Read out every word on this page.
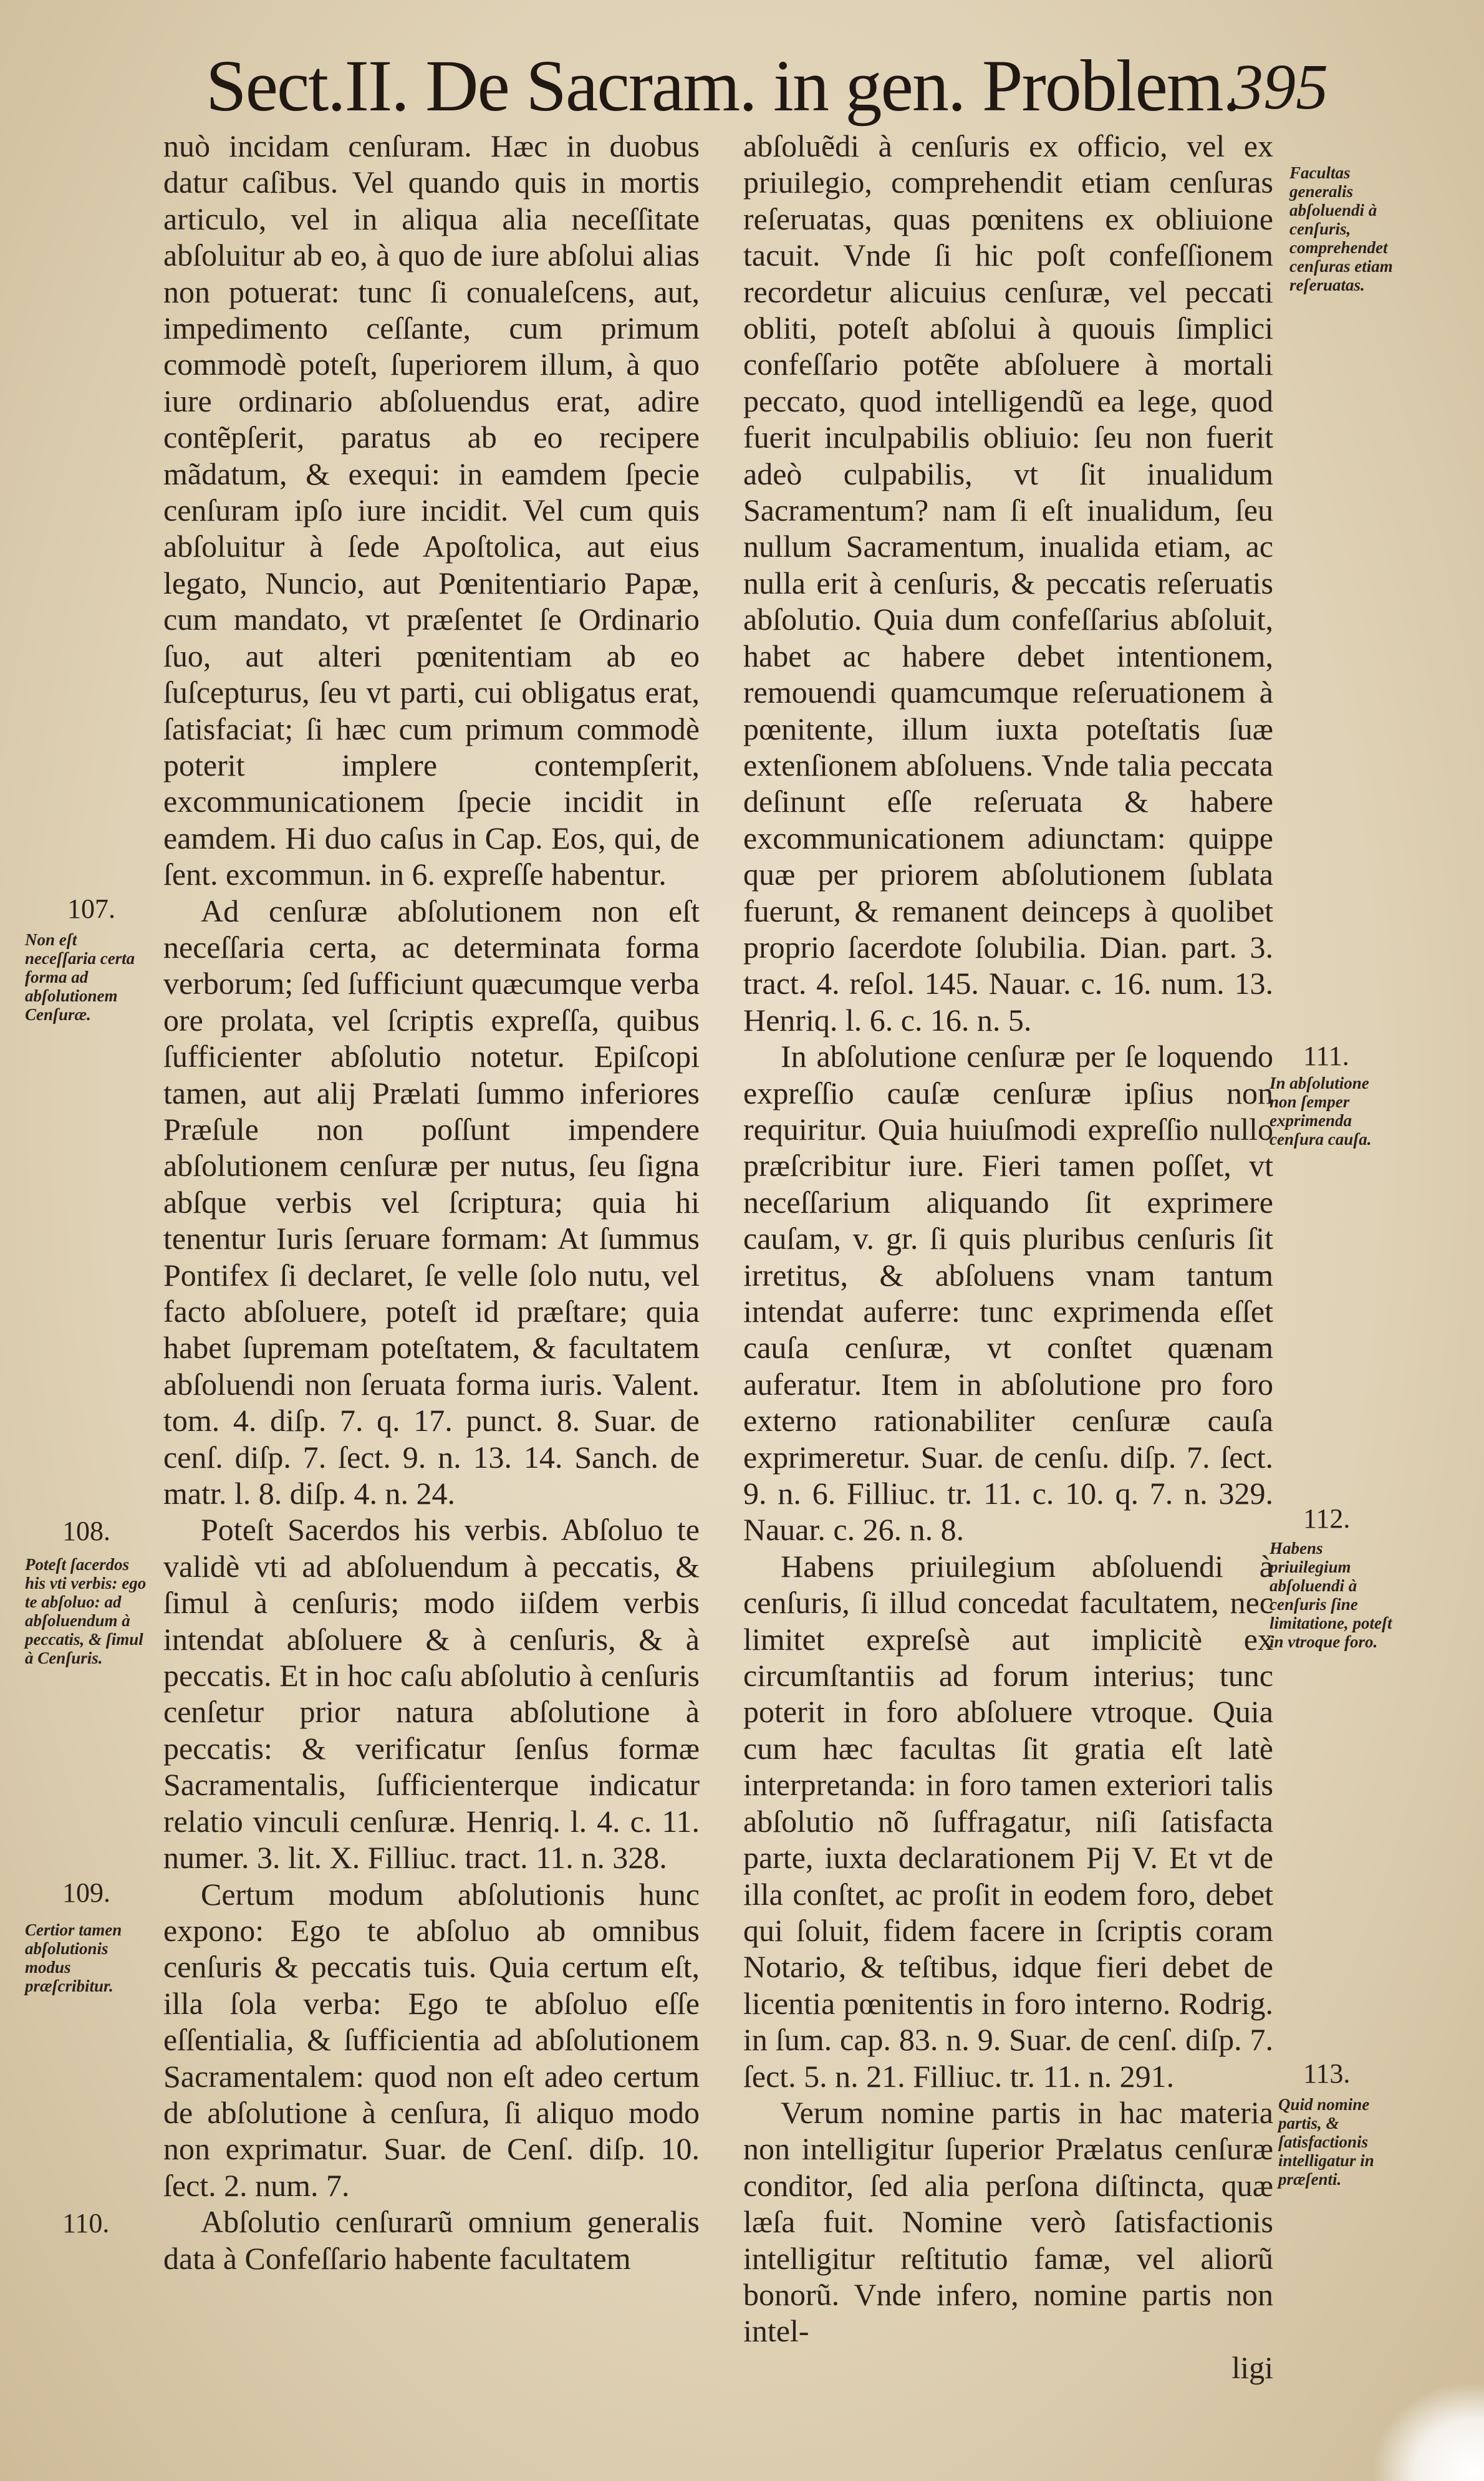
Sect.II. De Sacram. in gen. Problem.
395

nuò incidam cenſuram. Hæc in duobus datur caſibus. Vel quando quis in mortis articulo, vel in aliqua alia neceſſitate abſoluitur ab eo, à quo de iure abſolui alias non potuerat: tunc ſi conualeſcens, aut, impedimento ceſſante, cum primum commodè poteſt, ſuperiorem illum, à quo iure ordinario abſoluendus erat, adire contẽpſerit, paratus ab eo recipere mãdatum, & exequi: in eamdem ſpecie cenſuram ipſo iure incidit. Vel cum quis abſoluitur à ſede Apoſtolica, aut eius legato, Nuncio, aut Pœnitentiario Papæ, cum mandato, vt præſentet ſe Ordinario ſuo, aut alteri pœnitentiam ab eo ſuſcepturus, ſeu vt parti, cui obligatus erat, ſatisfaciat; ſi hæc cum primum commodè poterit implere contempſerit, excommunicationem ſpecie incidit in eamdem. Hi duo caſus in Cap. Eos, qui, de ſent. excommun. in 6. expreſſe habentur.

Ad cenſuræ abſolutionem non eſt neceſſaria certa, ac determinata forma verborum; ſed ſufficiunt quæcumque verba ore prolata, vel ſcriptis expreſſa, quibus ſufficienter abſolutio notetur. Epiſcopi tamen, aut alij Prælati ſummo inferiores Præſule non poſſunt impendere abſolutionem cenſuræ per nutus, ſeu ſigna abſque verbis vel ſcriptura; quia hi tenentur Iuris ſeruare formam: At ſummus Pontifex ſi declaret, ſe velle ſolo nutu, vel facto abſoluere, poteſt id præſtare; quia habet ſupremam poteſtatem, & facultatem abſoluendi non ſeruata forma iuris. Valent. tom. 4. diſp. 7. q. 17. punct. 8. Suar. de cenſ. diſp. 7. ſect. 9. n. 13. 14. Sanch. de matr. l. 8. diſp. 4. n. 24.

Poteſt Sacerdos his verbis. Abſoluo te validè vti ad abſoluendum à peccatis, & ſimul à cenſuris; modo iiſdem verbis intendat abſoluere & à cenſuris, & à peccatis. Et in hoc caſu abſolutio à cenſuris cenſetur prior natura abſolutione à peccatis: & verificatur ſenſus formæ Sacramentalis, ſufficienterque indicatur relatio vinculi cenſuræ. Henriq. l. 4. c. 11. numer. 3. lit. X. Filliuc. tract. 11. n. 328.

Certum modum abſolutionis hunc expono: Ego te abſoluo ab omnibus cenſuris & peccatis tuis. Quia certum eſt, illa ſola verba: Ego te abſoluo eſſe eſſentialia, & ſufficientia ad abſolutionem Sacramentalem: quod non eſt adeo certum de abſolutione à cenſura, ſi aliquo modo non exprimatur. Suar. de Cenſ. diſp. 10. ſect. 2. num. 7.

Abſolutio cenſurarũ omnium generalis data à Confeſſario habente facultatem

abſoluẽdi à cenſuris ex officio, vel ex priuilegio, comprehendit etiam cenſuras reſeruatas, quas pœnitens ex obliuione tacuit. Vnde ſi hic poſt confeſſionem recordetur alicuius cenſuræ, vel peccati obliti, poteſt abſolui à quouis ſimplici confeſſario potẽte abſoluere à mortali peccato, quod intelligendũ ea lege, quod fuerit inculpabilis obliuio: ſeu non fuerit adeò culpabilis, vt ſit inualidum Sacramentum? nam ſi eſt inualidum, ſeu nullum Sacramentum, inualida etiam, ac nulla erit à cenſuris, & peccatis reſeruatis abſolutio. Quia dum confeſſarius abſoluit, habet ac habere debet intentionem, remouendi quamcumque reſeruationem à pœnitente, illum iuxta poteſtatis ſuæ extenſionem abſoluens. Vnde talia peccata deſinunt eſſe reſeruata & habere excommunicationem adiunctam: quippe quæ per priorem abſolutionem ſublata fuerunt, & remanent deinceps à quolibet proprio ſacerdote ſolubilia. Dian. part. 3. tract. 4. reſol. 145. Nauar. c. 16. num. 13. Henriq. l. 6. c. 16. n. 5.

In abſolutione cenſuræ per ſe loquendo expreſſio cauſæ cenſuræ ipſius non requiritur. Quia huiuſmodi expreſſio nullo præſcribitur iure. Fieri tamen poſſet, vt neceſſarium aliquando ſit exprimere cauſam, v. gr. ſi quis pluribus cenſuris ſit irretitus, & abſoluens vnam tantum intendat auferre: tunc exprimenda eſſet cauſa cenſuræ, vt conſtet quænam auferatur. Item in abſolutione pro foro externo rationabiliter cenſuræ cauſa exprimeretur. Suar. de cenſu. diſp. 7. ſect. 9. n. 6. Filliuc. tr. 11. c. 10. q. 7. n. 329. Nauar. c. 26. n. 8.

Habens priuilegium abſoluendi à cenſuris, ſi illud concedat facultatem, nec limitet expreſsè aut implicitè ex circumſtantiis ad forum interius; tunc poterit in foro abſoluere vtroque. Quia cum hæc facultas ſit gratia eſt latè interpretanda: in foro tamen exteriori talis abſolutio nõ ſuffragatur, niſi ſatisfacta parte, iuxta declarationem Pij V. Et vt de illa conſtet, ac proſit in eodem foro, debet qui ſoluit, fidem facere in ſcriptis coram Notario, & teſtibus, idque fieri debet de licentia pœnitentis in foro interno. Rodrig. in ſum. cap. 83. n. 9. Suar. de cenſ. diſp. 7. ſect. 5. n. 21. Filliuc. tr. 11. n. 291.

Verum nomine partis in hac materia non intelligitur ſuperior Prælatus cenſuræ conditor, ſed alia perſona diſtincta, quæ læſa fuit. Nomine verò ſatisfactionis intelligitur reſtitutio famæ, vel aliorũ bonorũ. Vnde infero, nomine partis non intel-

ligi

107.
108.
109.
110.
111.
112.
113.
Non eſt neceſſaria certa forma ad abſolutionem Cenſuræ.
Poteſt ſacerdos his vti verbis: ego te abſoluo: ad abſoluendum à peccatis, & ſimul à Cenſuris.
Certior tamen abſolutionis modus præſcribitur.
Facultas generalis abſoluendi à cenſuris, comprehendet cenſuras etiam reſeruatas.
In abſolutione non ſemper exprimenda cenſura cauſa.
Habens priuilegium abſoluendi à cenſuris ſine limitatione, poteſt in vtroque foro.
Quid nomine partis, & ſatisfactionis intelligatur in præſenti.
